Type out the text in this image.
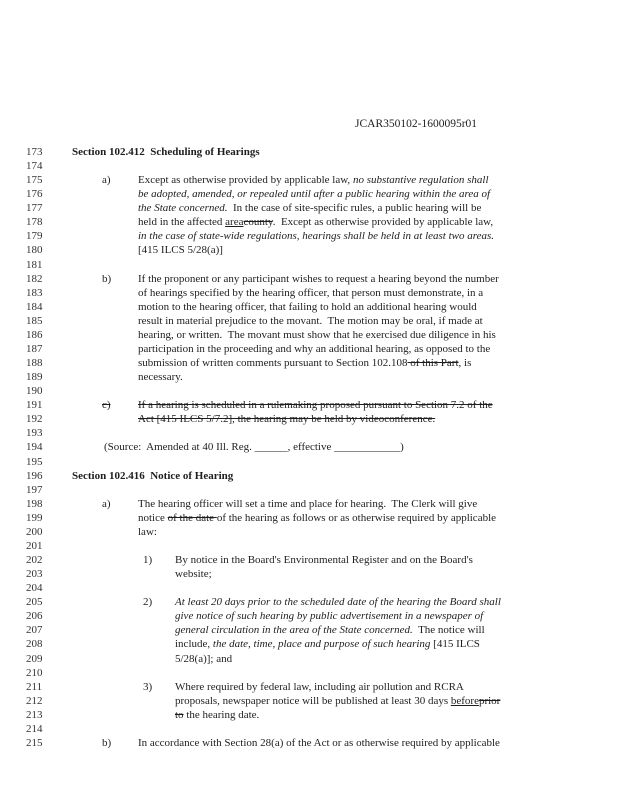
JCAR350102-1600095r01
173	Section 102.412  Scheduling of Hearings
174
175	a) Except as otherwise provided by applicable law, no substantive regulation shall
176	be adopted, amended, or repealed until after a public hearing within the area of
177	the State concerned.  In the case of site-specific rules, a public hearing will be
178	held in the affected areacounty.  Except as otherwise provided by applicable law,
179	in the case of state-wide regulations, hearings shall be held in at least two areas.
180	[415 ILCS 5/28(a)]
181
182	b) If the proponent or any participant wishes to request a hearing beyond the number
183	of hearings specified by the hearing officer, that person must demonstrate, in a
184	motion to the hearing officer, that failing to hold an additional hearing would
185	result in material prejudice to the movant.  The motion may be oral, if made at
186	hearing, or written.  The movant must show that he exercised due diligence in his
187	participation in the proceeding and why an additional hearing, as opposed to the
188	submission of written comments pursuant to Section 102.108 of this Part, is
189	necessary.
190
191	c) If a hearing is scheduled in a rulemaking proposed pursuant to Section 7.2 of the
192	Act [415 ILCS 5/7.2], the hearing may be held by videoconference.
193
194	(Source:  Amended at 40 Ill. Reg. ______, effective ____________)
195
196	Section 102.416  Notice of Hearing
197
198	a) The hearing officer will set a time and place for hearing.  The Clerk will give
199	notice of the date of the hearing as follows or as otherwise required by applicable
200	law:
201
202	1) By notice in the Board's Environmental Register and on the Board's
203	website;
204
205	2) At least 20 days prior to the scheduled date of the hearing the Board shall
206	give notice of such hearing by public advertisement in a newspaper of
207	general circulation in the area of the State concerned.  The notice will
208	include, the date, time, place and purpose of such hearing [415 ILCS
209	5/28(a)]; and
210
211	3) Where required by federal law, including air pollution and RCRA
212	proposals, newspaper notice will be published at least 30 days beforeprior
213	to the hearing date.
214
215	b) In accordance with Section 28(a) of the Act or as otherwise required by applicable
